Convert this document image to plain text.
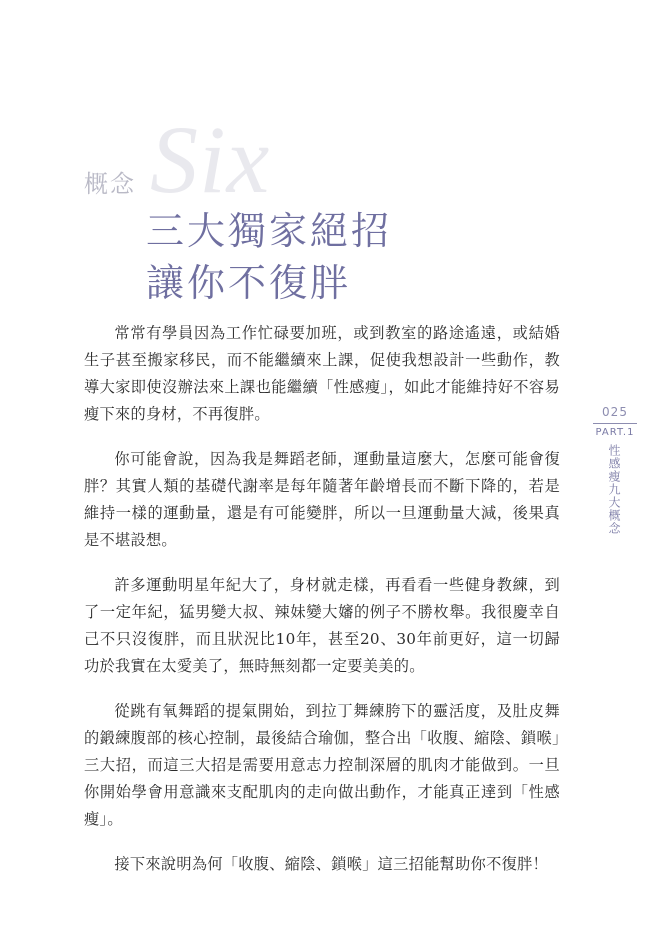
Six
概念
三大獨家絕招
讓你不復胖

常常有學員因為工作忙碌要加班，或到教室的路途遙遠，或結婚生子甚至搬家移民，而不能繼續來上課，促使我想設計一些動作，教導大家即使沒辦法來上課也能繼續「性感瘦」，如此才能維持好不容易瘦下來的身材，不再復胖。

你可能會說，因為我是舞蹈老師，運動量這麼大，怎麼可能會復胖？其實人類的基礎代謝率是每年隨著年齡增長而不斷下降的，若是維持一樣的運動量，還是有可能變胖，所以一旦運動量大減，後果真是不堪設想。

許多運動明星年紀大了，身材就走樣，再看看一些健身教練，到了一定年紀，猛男變大叔、辣妹變大嬸的例子不勝枚舉。我很慶幸自己不只沒復胖，而且狀況比10年，甚至20、30年前更好，這一切歸功於我實在太愛美了，無時無刻都一定要美美的。

從跳有氧舞蹈的提氣開始，到拉丁舞練胯下的靈活度，及肚皮舞的鍛練腹部的核心控制，最後結合瑜伽，整合出「收腹、縮陰、鎖喉」三大招，而這三大招是需要用意志力控制深層的肌肉才能做到。一旦你開始學會用意識來支配肌肉的走向做出動作，才能真正達到「性感瘦」。

接下來說明為何「收腹、縮陰、鎖喉」這三招能幫助你不復胖！

025
PART.1
性感瘦九大概念
